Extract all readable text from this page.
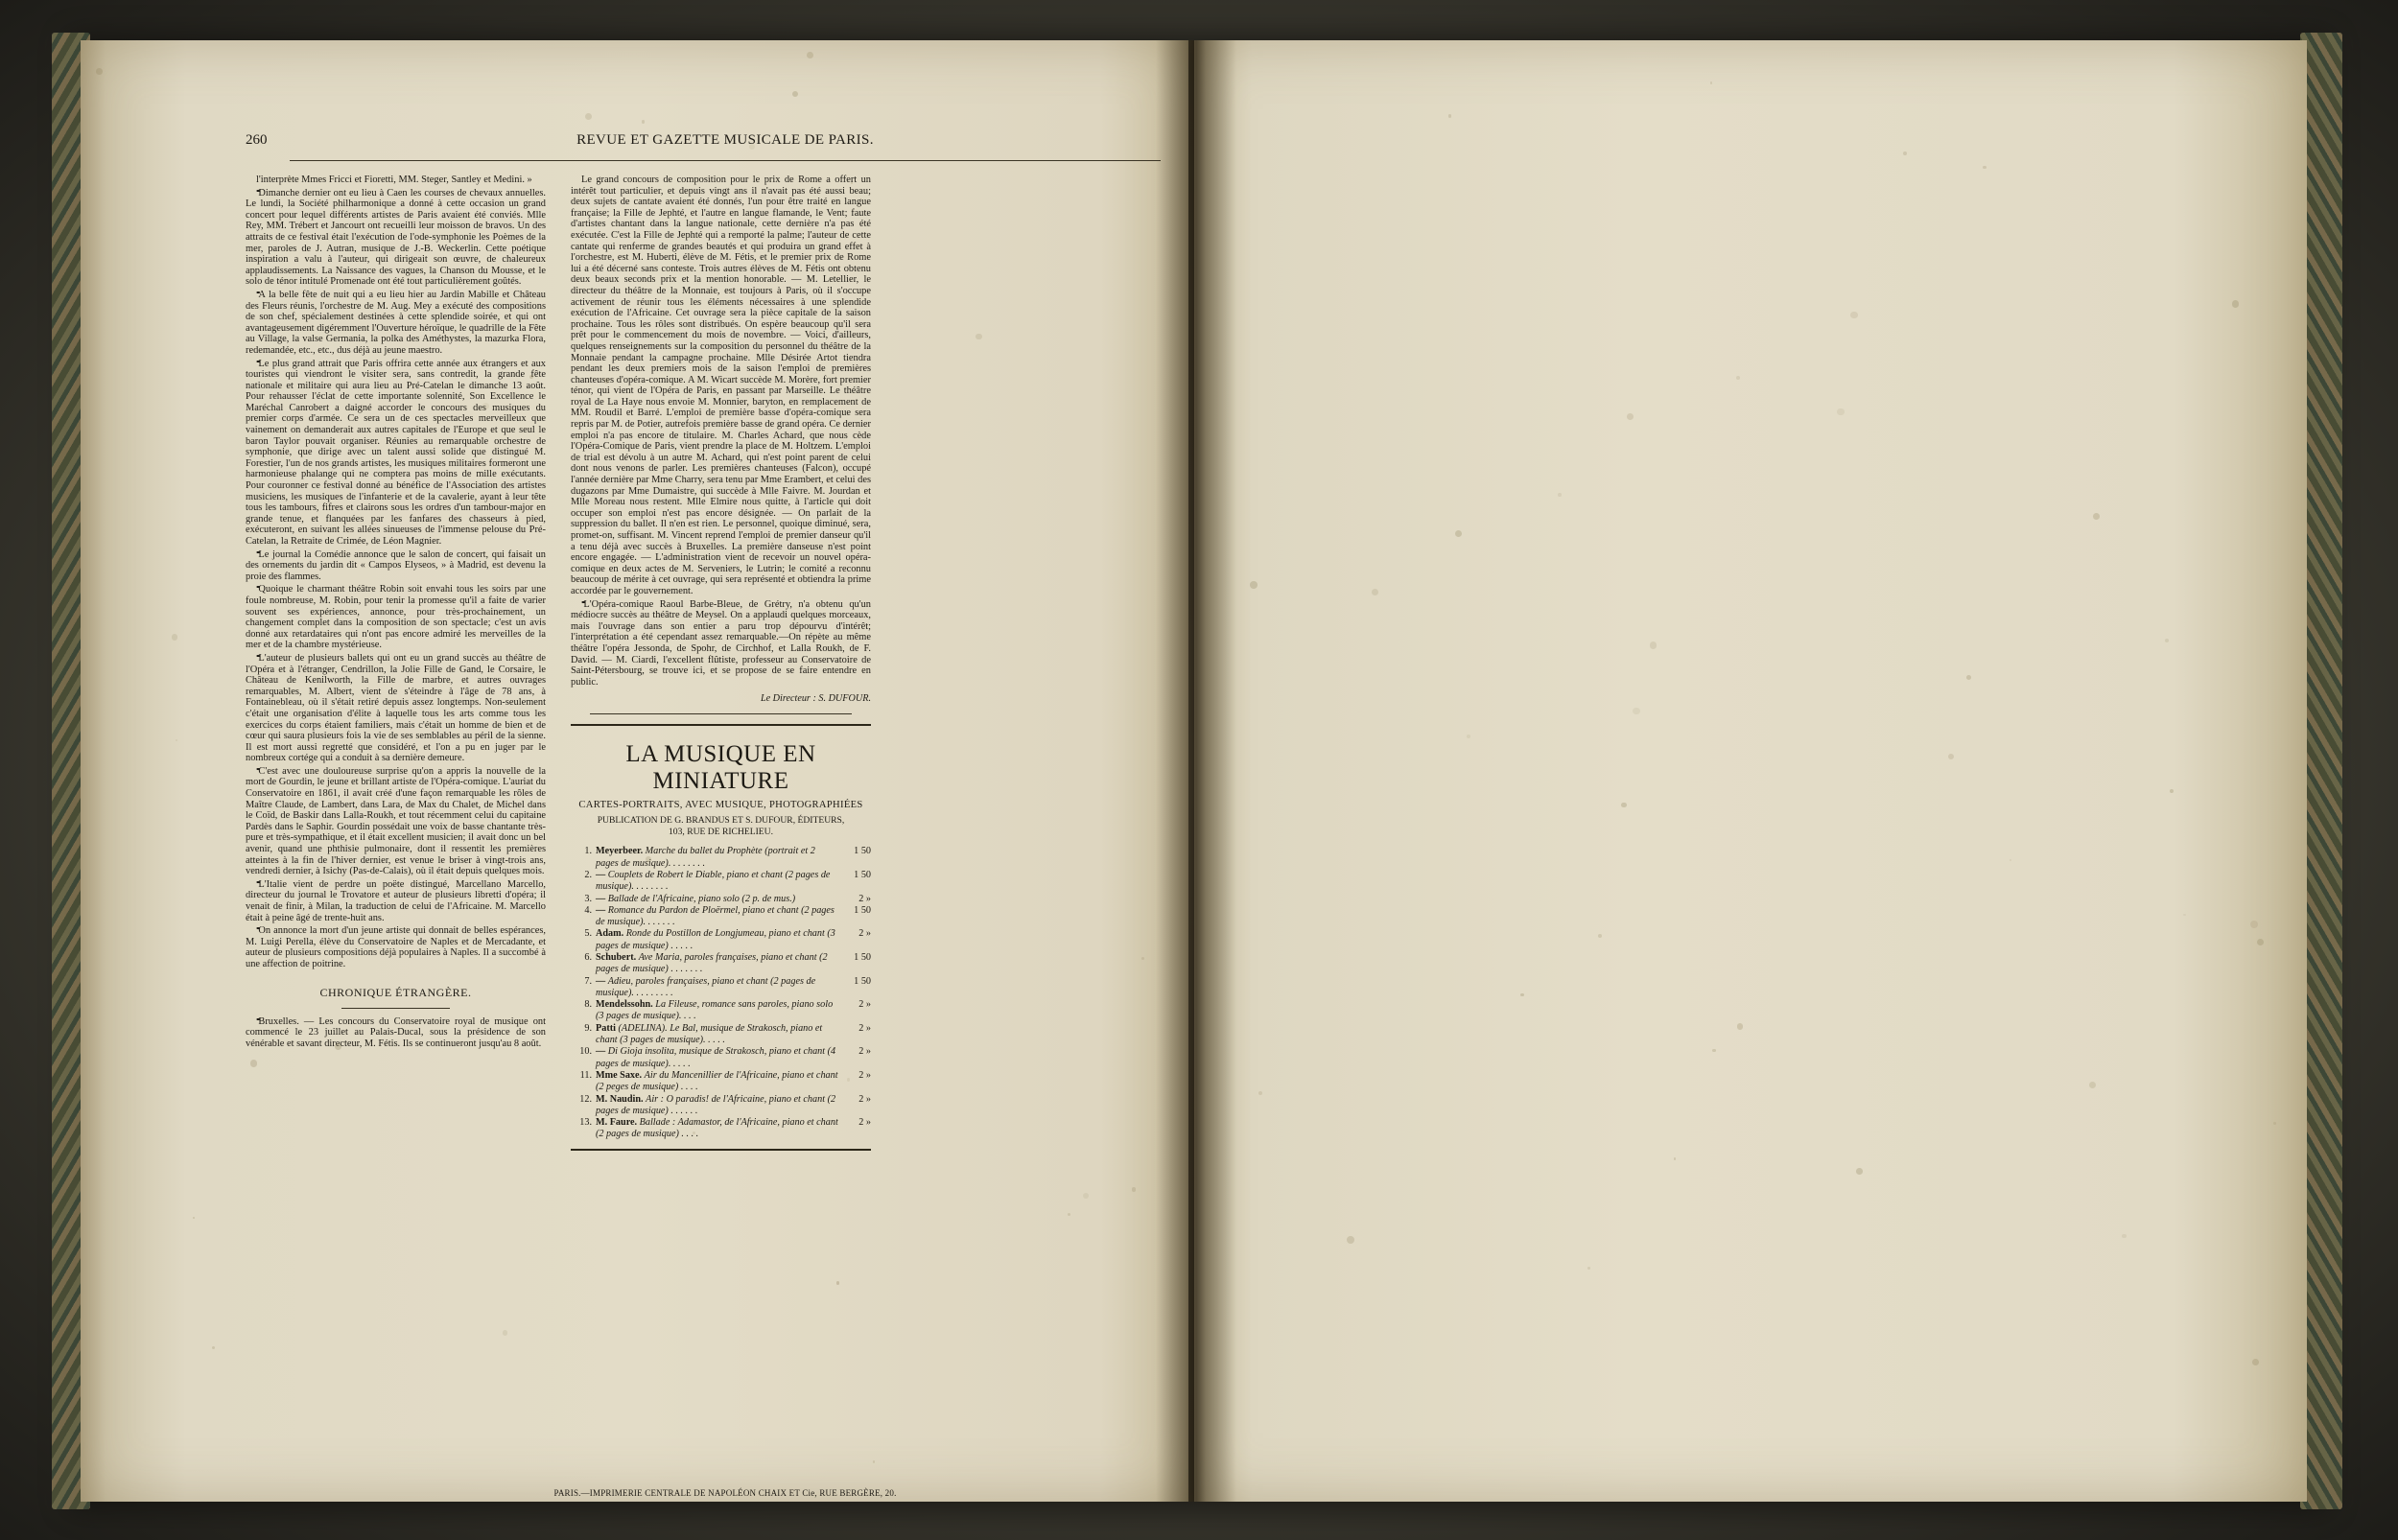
260	REVUE ET GAZETTE MUSICALE DE PARIS.

l'interprète Mmes Fricci et Fioretti, MM. Steger, Santley et Medini. »

••• Dimanche dernier ont eu lieu à Caen les courses de chevaux annuelles. Le lundi, la Société philharmonique a donné à cette occasion un grand concert pour lequel différents artistes de Paris avaient été conviés. Mlle Rey, MM. Trébert et Jancourt ont recueilli leur moisson de bravos. Un des attraits de ce festival était l'exécution de l'ode-symphonie les Poèmes de la mer, paroles de J. Autran, musique de J.-B. Weckerlin. Cette poétique inspiration a valu à l'auteur, qui dirigeait son œuvre, de chaleureux applaudissements. La Naissance des vagues, la Chanson du Mousse, et le solo de ténor intitulé Promenade ont été tout particulièrement goûtés.

••• A la belle fête de nuit qui a eu lieu hier au Jardin Mabille et Château des Fleurs réunis, l'orchestre de M. Aug. Mey a exécuté des compositions de son chef, spécialement destinées à cette splendide soirée, et qui ont avantageusement digéremment l'Ouverture héroïque, le quadrille de la Fête au Village, la valse Germania, la polka des Améthystes, la mazurka Flora, redemandée, etc., etc., dus déjà au jeune maestro.

••• Le plus grand attrait que Paris offrira cette année aux étrangers et aux touristes qui viendront le visiter sera, sans contredit, la grande fête nationale et militaire qui aura lieu au Pré-Catelan le dimanche 13 août. Pour rehausser l'éclat de cette importante solennité, Son Excellence le Maréchal Canrobert a daigné accorder le concours des musiques du premier corps d'armée. Ce sera un de ces spectacles merveilleux que vainement on demanderait aux autres capitales de l'Europe et que seul le baron Taylor pouvait organiser. Réunies au remarquable orchestre de symphonie, que dirige avec un talent aussi solide que distingué M. Forestier, l'un de nos grands artistes, les musiques militaires formeront une harmonieuse phalange qui ne comptera pas moins de mille exécutants. Pour couronner ce festival donné au bénéfice de l'Association des artistes musiciens, les musiques de l'infanterie et de la cavalerie, ayant à leur tête tous les tambours, fifres et clairons sous les ordres d'un tambour-major en grande tenue, et flanquées par les fanfares des chasseurs à pied, exécuteront, en suivant les allées sinueuses de l'immense pelouse du Pré-Catelan, la Retraite de Crimée, de Léon Magnier.

••• Le journal la Comédie annonce que le salon de concert, qui faisait un des ornements du jardin dit « Campos Elyseos, » à Madrid, est devenu la proie des flammes.

••• Quoique le charmant théâtre Robin soit envahi tous les soirs par une foule nombreuse, M. Robin, pour tenir la promesse qu'il a faite de varier souvent ses expériences, annonce, pour très-prochainement, un changement complet dans la composition de son spectacle; c'est un avis donné aux retardataires qui n'ont pas encore admiré les merveilles de la mer et de la chambre mystérieuse.

••• L'auteur de plusieurs ballets qui ont eu un grand succès au théâtre de l'Opéra et à l'étranger, Cendrillon, la Jolie Fille de Gand, le Corsaire, le Château de Kenilworth, la Fille de marbre, et autres ouvrages remarquables, M. Albert, vient de s'éteindre à l'âge de 78 ans, à Fontainebleau, où il s'était retiré depuis assez longtemps. Non-seulement c'était une organisation d'élite à laquelle tous les arts comme tous les exercices du corps étaient familiers, mais c'était un homme de bien et de cœur qui saura plusieurs fois la vie de ses semblables au péril de la sienne. Il est mort aussi regretté que considéré, et l'on a pu en juger par le nombreux cortége qui a conduit à sa dernière demeure.

••• C'est avec une douloureuse surprise qu'on a appris la nouvelle de la mort de Gourdin, le jeune et brillant artiste de l'Opéra-comique. L'auriat du Conservatoire en 1861, il avait créé d'une façon remarquable les rôles de Maître Claude, de Lambert, dans Lara, de Max du Chalet, de Michel dans le Coïd, de Baskir dans Lalla-Roukh, et tout récemment celui du capitaine Pardès dans le Saphir. Gourdin possédait une voix de basse chantante très-pure et très-sympathique, et il était excellent musicien; il avait donc un bel avenir, quand une phthisie pulmonaire, dont il ressentit les premières atteintes à la fin de l'hiver dernier, est venue le briser à vingt-trois ans, vendredi dernier, à Isichy (Pas-de-Calais), où il était depuis quelques mois.

••• L'Italie vient de perdre un poëte distingué, Marcellano Marcello, directeur du journal le Trovatore et auteur de plusieurs libretti d'opéra; il venait de finir, à Milan, la traduction de celui de l'Africaine. M. Marcello était à peine âgé de trente-huit ans.

••• On annonce la mort d'un jeune artiste qui donnait de belles espérances, M. Luigi Perella, élève du Conservatoire de Naples et de Mercadante, et auteur de plusieurs compositions déjà populaires à Naples. Il a succombé à une affection de poitrine.

CHRONIQUE ÉTRANGÈRE.

••• Bruxelles. — Les concours du Conservatoire royal de musique ont commencé le 23 juillet au Palais-Ducal, sous la présidence de son vénérable et savant directeur, M. Fétis. Ils se continueront jusqu'au 8 août.

Le grand concours de composition pour le prix de Rome a offert un intérêt tout particulier, et depuis vingt ans il n'avait pas été aussi beau; deux sujets de cantate avaient été donnés, l'un pour être traité en langue française; la Fille de Jephté, et l'autre en langue flamande, le Vent; faute d'artistes chantant dans la langue nationale, cette dernière n'a pas été exécutée. C'est la Fille de Jephté qui a remporté la palme; l'auteur de cette cantate qui renferme de grandes beautés et qui produira un grand effet à l'orchestre, est M. Huberti, élève de M. Fétis, et le premier prix de Rome lui a été décerné sans conteste. Trois autres élèves de M. Fétis ont obtenu deux beaux seconds prix et la mention honorable. — M. Letellier, le directeur du théâtre de la Monnaie, est toujours à Paris, où il s'occupe activement de réunir tous les éléments nécessaires à une splendide exécution de l'Africaine. Cet ouvrage sera la pièce capitale de la saison prochaine. Tous les rôles sont distribués. On espère beaucoup qu'il sera prêt pour le commencement du mois de novembre. — Voici, d'ailleurs, quelques renseignements sur la composition du personnel du théâtre de la Monnaie pendant la campagne prochaine. Mlle Désirée Artot tiendra pendant les deux premiers mois de la saison l'emploi de premières chanteuses d'opéra-comique. A M. Wicart succède M. Morère, fort premier ténor, qui vient de l'Opéra de Paris, en passant par Marseille. Le théâtre royal de La Haye nous envoie M. Monnier, baryton, en remplacement de MM. Roudil et Barré. L'emploi de première basse d'opéra-comique sera repris par M. de Potier, autrefois première basse de grand opéra. Ce dernier emploi n'a pas encore de titulaire. M. Charles Achard, que nous cède l'Opéra-Comique de Paris, vient prendre la place de M. Holtzem. L'emploi de trial est dévolu à un autre M. Achard, qui n'est point parent de celui dont nous venons de parler. Les premières chanteuses (Falcon), occupé l'année dernière par Mme Charry, sera tenu par Mme Erambert, et celui des dugazons par Mme Dumaistre, qui succède à Mlle Faivre. M. Jourdan et Mlle Moreau nous restent. Mlle Elmire nous quitte, à l'article qui doit occuper son emploi n'est pas encore désignée. — On parlait de la suppression du ballet. Il n'en est rien. Le personnel, quoique diminué, sera, promet-on, suffisant. M. Vincent reprend l'emploi de premier danseur qu'il a tenu déjà avec succès à Bruxelles. La première danseuse n'est point encore engagée. — L'administration vient de recevoir un nouvel opéra-comique en deux actes de M. Serveniers, le Lutrin; le comité a reconnu beaucoup de mérite à cet ouvrage, qui sera représenté et obtiendra la prime accordée par le gouvernement.

••• L'Opéra-comique Raoul Barbe-Bleue, de Grétry, n'a obtenu qu'un médiocre succès au théâtre de Meysel. On a applaudi quelques morceaux, mais l'ouvrage dans son entier a paru trop dépourvu d'intérêt; l'interprétation a été cependant assez remarquable.—On répète au même théâtre l'opéra Jessonda, de Spohr, de Circhhof, et Lalla Roukh, de F. David. — M. Ciardi, l'excellent flûtiste, professeur au Conservatoire de Saint-Pétersbourg, se trouve ici, et se propose de se faire entendre en public.

Le Directeur : S. DUFOUR.
LA MUSIQUE EN MINIATURE
CARTES-PORTRAITS, AVEC MUSIQUE, PHOTOGRAPHIÉES
PUBLICATION DE G. BRANDUS ET S. DUFOUR, ÉDITEURS,
103, RUE DE RICHELIEU.
1. Meyerbeer. Marche du ballet du Prophète (portrait et 2 pages de musique). . . . . . . .
1 50
2. — Couplets de Robert le Diable, piano et chant (2 pages de musique). . . . . . . .
1 50
3. — Ballade de l'Africaine, piano solo (2 p. de mus.)	2 »
4. — Romance du Pardon de Ploërmel, piano et chant (2 pages de musique). . . . . . .
1 50
5. Adam. Ronde du Postillon de Longjumeau, piano et chant (3 pages de musique) . . . . .
2 »
6. Schubert. Ave Maria, paroles françaises, piano et chant (2 pages de musique) . . . . . . .
1 50
7. — Adieu, paroles françaises, piano et chant (2 pages de musique). . . . . . . . .
1 50
8. Mendelssohn. La Fileuse, romance sans paroles, piano solo (3 pages de musique). . . .
2 »
9. Patti (ADELINA). Le Bal, musique de Strakosch, piano et chant (3 pages de musique). . . . .
2 »
10. — Di Gioja insolita, musique de Strakosch, piano et chant (4 pages de musique). . . . .
2 »
11. Mme Saxe. Air du Mancenillier de l'Africaine, piano et chant (2 peges de musique) . . . .
2 »
12. M. Naudin. Air : O paradis! de l'Africaine, piano et chant (2 pages de musique) . . . . . .
2 »
13. M. Faure. Ballade : Adamastor, de l'Africaine, piano et chant (2 pages de musique) . . . .
2 »
PARIS.—IMPRIMERIE CENTRALE DE NAPOLÉON CHAIX ET Cie, RUE BERGÈRE, 20.
